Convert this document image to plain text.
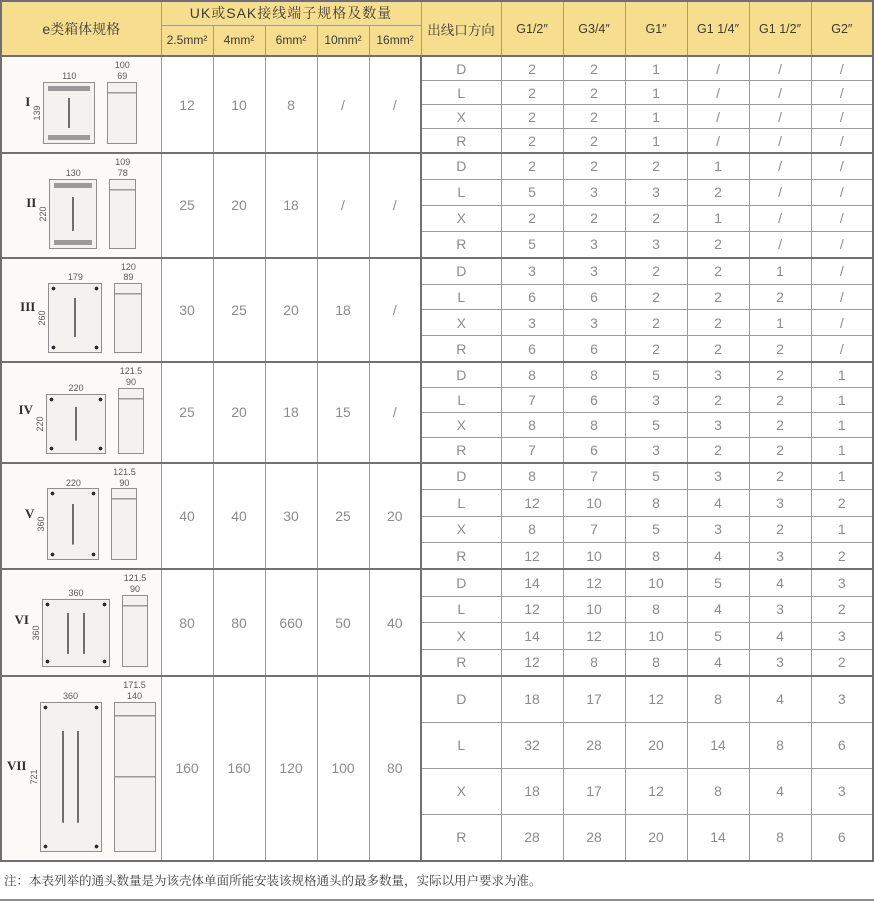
e类箱体规格	UK或SAK接线端子规格及数量					出线口方向	G1/2″	G3/4″	G1″	G1 1/4″	G1 1/2″	G2″
	2.5mm²	4mm²	6mm²	10mm²	16mm²							

I
110
139
100
69	12	10	8	/	/	D	2	2	1	/	/	/
						L	2	2	1	/	/	/
						X	2	2	1	/	/	/
						R	2	2	1	/	/	/

II
130
220
109
78	25	20	18	/	/	D	2	2	2	1	/	/
						L	5	3	3	2	/	/
						X	2	2	2	1	/	/
						R	5	3	3	2	/	/

III
179
260
120
89	30	25	20	18	/	D	3	3	2	2	1	/
						L	6	6	2	2	2	/
						X	3	3	2	2	1	/
						R	6	6	2	2	2	/

IV
220
220
121.5
90	25	20	18	15	/	D	8	8	5	3	2	1
						L	7	6	3	2	2	1
						X	8	8	5	3	2	1
						R	7	6	3	2	2	1

V
220
360
121.5
90	40	40	30	25	20	D	8	7	5	3	2	1
						L	12	10	8	4	3	2
						X	8	7	5	3	2	1
						R	12	10	8	4	3	2

VI
360
360
121.5
90	80	80	660	50	40	D	14	12	10	5	4	3
						L	12	10	8	4	3	2
						X	14	12	10	5	4	3
						R	12	8	8	4	3	2

VII
360
721
171.5
140	160	160	120	100	80	D	18	17	12	8	4	3
						L	32	28	20	14	8	6
						X	18	17	12	8	4	3
						R	28	28	20	14	8	6
注：本表列举的通头数量是为该壳体单面所能安装该规格通头的最多数量，实际以用户要求为准。
